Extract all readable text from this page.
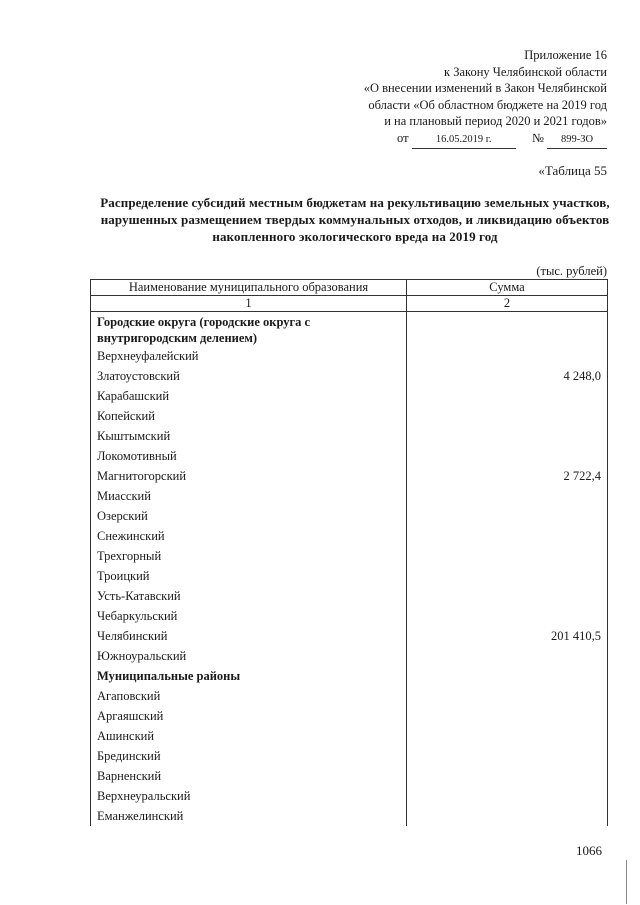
Приложение 16
к Закону Челябинской области
«О внесении изменений в Закон Челябинской
области «Об областном бюджете на 2019 год
и на плановый период 2020 и 2021 годов»
от	16.05.2019 г.	№ 899-ЗО
«Таблица 55
Распределение субсидий местным бюджетам на рекультивацию земельных участков, нарушенных размещением твердых коммунальных отходов, и ликвидацию объектов накопленного экологического вреда на 2019 год
(тыс. рублей)
Наименование муниципального образования	Сумма
1	2
Городские округа (городские округа с внутригородским делением)	
Верхнеуфалейский	
Златоустовский	4 248,0
Карабашский	
Копейский	
Кыштымский	
Локомотивный	
Магнитогорский	2 722,4
Миасский	
Озерский	
Снежинский	
Трехгорный	
Троицкий	
Усть-Катавский	
Чебаркульский	
Челябинский	201 410,5
Южноуральский	
Муниципальные районы	
Агаповский	
Аргаяшский	
Ашинский	
Брединский	
Варненский	
Верхнеуральский	
Еманжелинский	
1066
